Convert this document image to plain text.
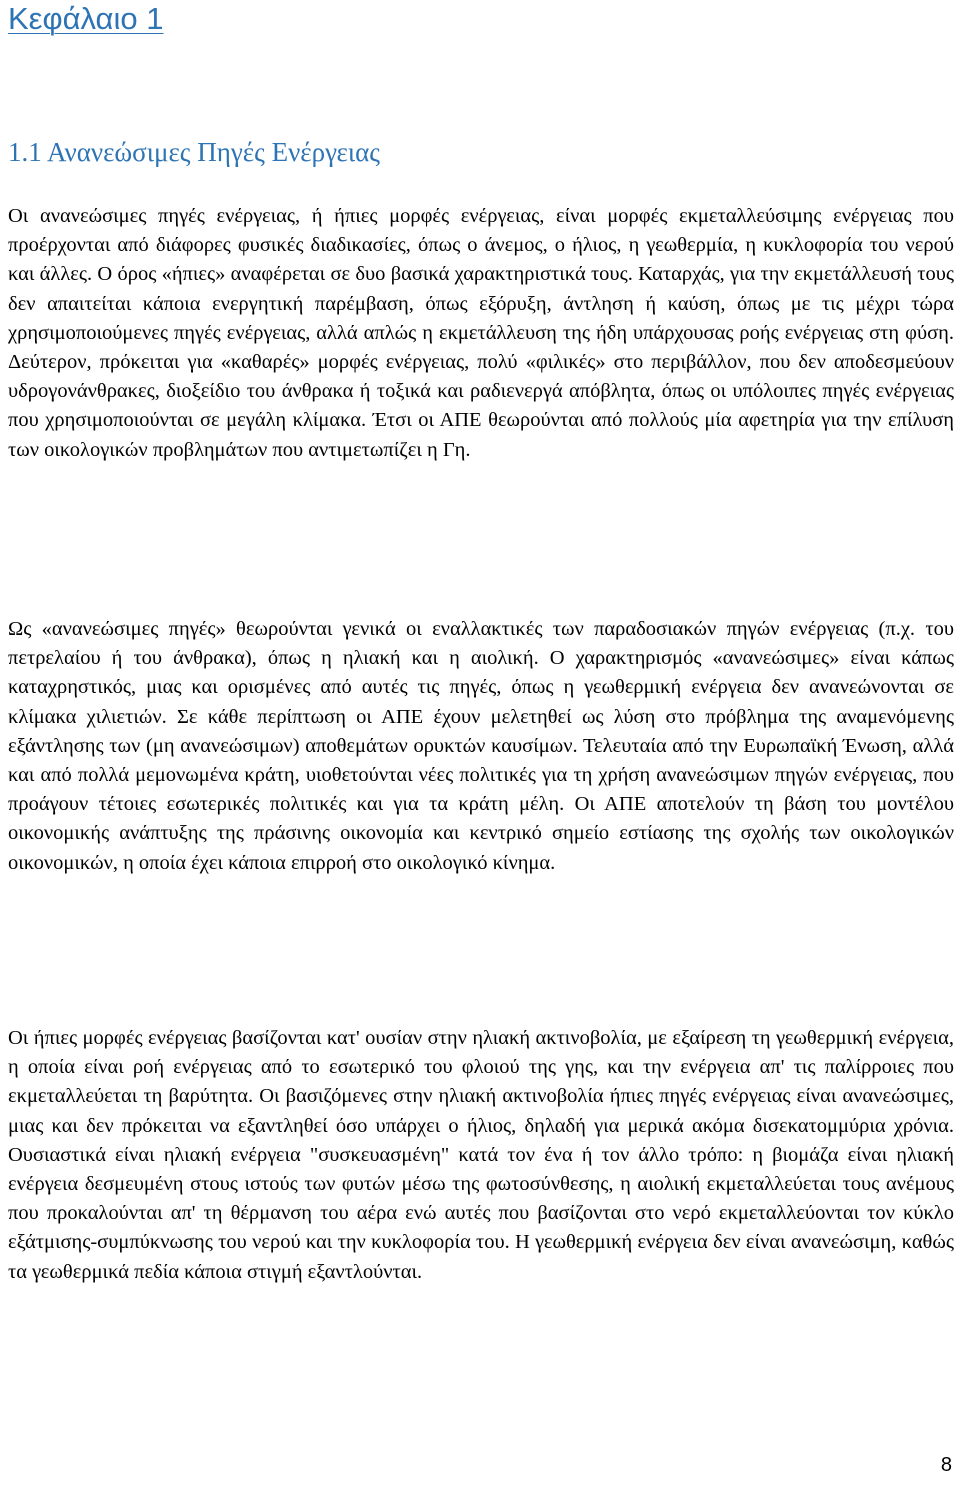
Κεφάλαιο 1
1.1 Ανανεώσιμες Πηγές Ενέργειας

Οι ανανεώσιμες πηγές ενέργειας, ή ήπιες μορφές ενέργειας, είναι μορφές εκμεταλλεύσιμης ενέργειας που προέρχονται από διάφορες φυσικές διαδικασίες, όπως ο άνεμος, ο ήλιος, η γεωθερμία, η κυκλοφορία του νερού και άλλες. Ο όρος «ήπιες» αναφέρεται σε δυο βασικά χαρακτηριστικά τους. Καταρχάς, για την εκμετάλλευσή τους δεν απαιτείται κάποια ενεργητική παρέμβαση, όπως εξόρυξη, άντληση ή καύση, όπως με τις μέχρι τώρα χρησιμοποιούμενες πηγές ενέργειας, αλλά απλώς η εκμετάλλευση της ήδη υπάρχουσας ροής ενέργειας στη φύση. Δεύτερον, πρόκειται για «καθαρές» μορφές ενέργειας, πολύ «φιλικές» στο περιβάλλον, που δεν αποδεσμεύουν υδρογονάνθρακες, διοξείδιο του άνθρακα ή τοξικά και ραδιενεργά απόβλητα, όπως οι υπόλοιπες πηγές ενέργειας που χρησιμοποιούνται σε μεγάλη κλίμακα. Έτσι οι ΑΠΕ θεωρούνται από πολλούς μία αφετηρία για την επίλυση των οικολογικών προβλημάτων που αντιμετωπίζει η Γη.

Ως «ανανεώσιμες πηγές» θεωρούνται γενικά οι εναλλακτικές των παραδοσιακών πηγών ενέργειας (π.χ. του πετρελαίου ή του άνθρακα), όπως η ηλιακή και η αιολική. Ο χαρακτηρισμός «ανανεώσιμες» είναι κάπως καταχρηστικός, μιας και ορισμένες από αυτές τις πηγές, όπως η γεωθερμική ενέργεια δεν ανανεώνονται σε κλίμακα χιλιετιών. Σε κάθε περίπτωση οι ΑΠΕ έχουν μελετηθεί ως λύση στο πρόβλημα της αναμενόμενης εξάντλησης των (μη ανανεώσιμων) αποθεμάτων ορυκτών καυσίμων. Τελευταία από την Ευρωπαϊκή Ένωση, αλλά και από πολλά μεμονωμένα κράτη, υιοθετούνται νέες πολιτικές για τη χρήση ανανεώσιμων πηγών ενέργειας, που προάγουν τέτοιες εσωτερικές πολιτικές και για τα κράτη μέλη. Οι ΑΠΕ αποτελούν τη βάση του μοντέλου οικονομικής ανάπτυξης της πράσινης οικονομία και κεντρικό σημείο εστίασης της σχολής των οικολογικών οικονομικών, η οποία έχει κάποια επιρροή στο οικολογικό κίνημα.

Οι ήπιες μορφές ενέργειας βασίζονται κατ' ουσίαν στην ηλιακή ακτινοβολία, με εξαίρεση τη γεωθερμική ενέργεια, η οποία είναι ροή ενέργειας από το εσωτερικό του φλοιού της γης, και την ενέργεια απ' τις παλίρροιες που εκμεταλλεύεται τη βαρύτητα. Οι βασιζόμενες στην ηλιακή ακτινοβολία ήπιες πηγές ενέργειας είναι ανανεώσιμες, μιας και δεν πρόκειται να εξαντληθεί όσο υπάρχει ο ήλιος, δηλαδή για μερικά ακόμα δισεκατομμύρια χρόνια. Ουσιαστικά είναι ηλιακή ενέργεια "συσκευασμένη" κατά τον ένα ή τον άλλο τρόπο: η βιομάζα είναι ηλιακή ενέργεια δεσμευμένη στους ιστούς των φυτών μέσω της φωτοσύνθεσης, η αιολική εκμεταλλεύεται τους ανέμους που προκαλούνται απ' τη θέρμανση του αέρα ενώ αυτές που βασίζονται στο νερό εκμεταλλεύονται τον κύκλο εξάτμισης-συμπύκνωσης του νερού και την κυκλοφορία του. Η γεωθερμική ενέργεια δεν είναι ανανεώσιμη, καθώς τα γεωθερμικά πεδία κάποια στιγμή εξαντλούνται.

8
